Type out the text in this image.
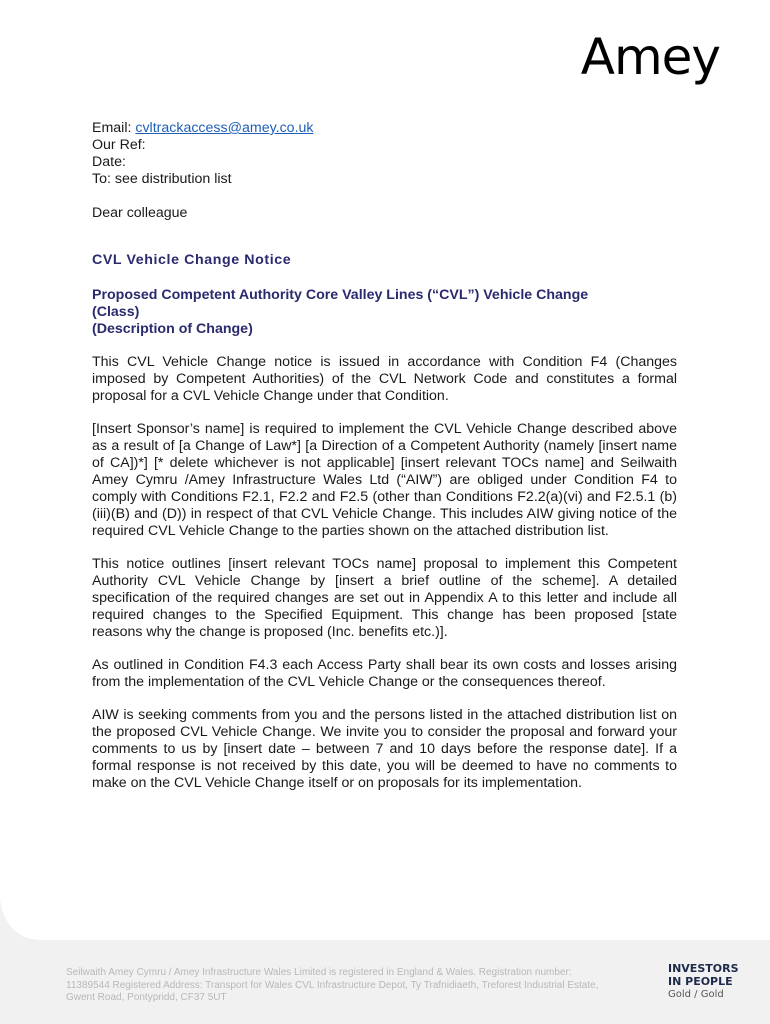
Amey

Email: cvltrackaccess@amey.co.uk

Our Ref:

Date:

To: see distribution list

Dear colleague
CVL Vehicle Change Notice
Proposed Competent Authority Core Valley Lines (“CVL”) Vehicle Change
(Class)
(Description of Change)

This CVL Vehicle Change notice is issued in accordance with Condition F4 (Changes imposed by Competent Authorities) of the CVL Network Code and constitutes a formal proposal for a CVL Vehicle Change under that Condition.

[Insert Sponsor’s name] is required to implement the CVL Vehicle Change described above as a result of [a Change of Law*] [a Direction of a Competent Authority (namely [insert name of CA])*] [* delete whichever is not applicable] [insert relevant TOCs name] and Seilwaith Amey Cymru /Amey Infrastructure Wales Ltd (“AIW”) are obliged under Condition F4 to comply with Conditions F2.1, F2.2 and F2.5 (other than Conditions F2.2(a)(vi) and F2.5.1 (b)(iii)(B) and (D)) in respect of that CVL Vehicle Change. This includes AIW giving notice of the required CVL Vehicle Change to the parties shown on the attached distribution list.

This notice outlines [insert relevant TOCs name] proposal to implement this Competent Authority CVL Vehicle Change by [insert a brief outline of the scheme]. A detailed specification of the required changes are set out in Appendix A to this letter and include all required changes to the Specified Equipment. This change has been proposed [state reasons why the change is proposed (Inc. benefits etc.)].

As outlined in Condition F4.3 each Access Party shall bear its own costs and losses arising from the implementation of the CVL Vehicle Change or the consequences thereof.

AIW is seeking comments from you and the persons listed in the attached distribution list on the proposed CVL Vehicle Change. We invite you to consider the proposal and forward your comments to us by [insert date – between 7 and 10 days before the response date]. If a formal response is not received by this date, you will be deemed to have no comments to make on the CVL Vehicle Change itself or on proposals for its implementation.

Seilwaith Amey Cymru / Amey Infrastructure Wales Limited is registered in England & Wales. Registration number: 11389544 Registered Address: Transport for Wales CVL Infrastructure Depot, Ty Trafnidiaeth, Treforest Industrial Estate, Gwent Road, Pontypridd, CF37 5UT
INVESTORS
IN PEOPLE
Gold / Gold
